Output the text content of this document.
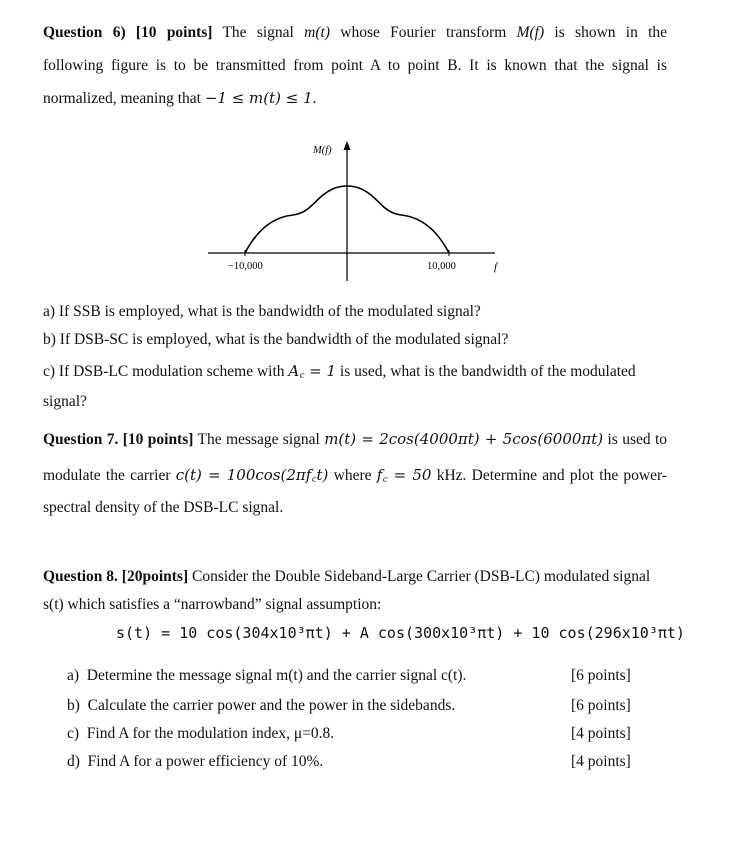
Question 6) [10 points] The signal m(t) whose Fourier transform M(f) is shown in the
following figure is to be transmitted from point A to point B. It is known that the signal is
normalized, meaning that −1 ≤ m(t) ≤ 1.
M(f)
−10,000	10,000	f
a) If SSB is employed, what is the bandwidth of the modulated signal?
b) If DSB-SC is employed, what is the bandwidth of the modulated signal?
c) If DSB-LC modulation scheme with A꜀ = 1 is used, what is the bandwidth of the modulated
signal?
Question 7. [10 points] The message signal m(t) = 2cos(4000πt) + 5cos(6000πt) is used to
modulate the carrier c(t) = 100cos(2πf꜀t) where f꜀ = 50 kHz. Determine and plot the power-
spectral density of the DSB-LC signal.
Question 8. [20points] Consider the Double Sideband-Large Carrier (DSB-LC) modulated signal
s(t) which satisfies a “narrowband” signal assumption:
s(t) = 10 cos(304x10³πt) + A cos(300x10³πt) + 10 cos(296x10³πt)
a) Determine the message signal m(t) and the carrier signal c(t).	[6 points]
b) Calculate the carrier power and the power in the sidebands.	[6 points]
c) Find A for the modulation index, μ=0.8.	[4 points]
d) Find A for a power efficiency of 10%.	[4 points]
